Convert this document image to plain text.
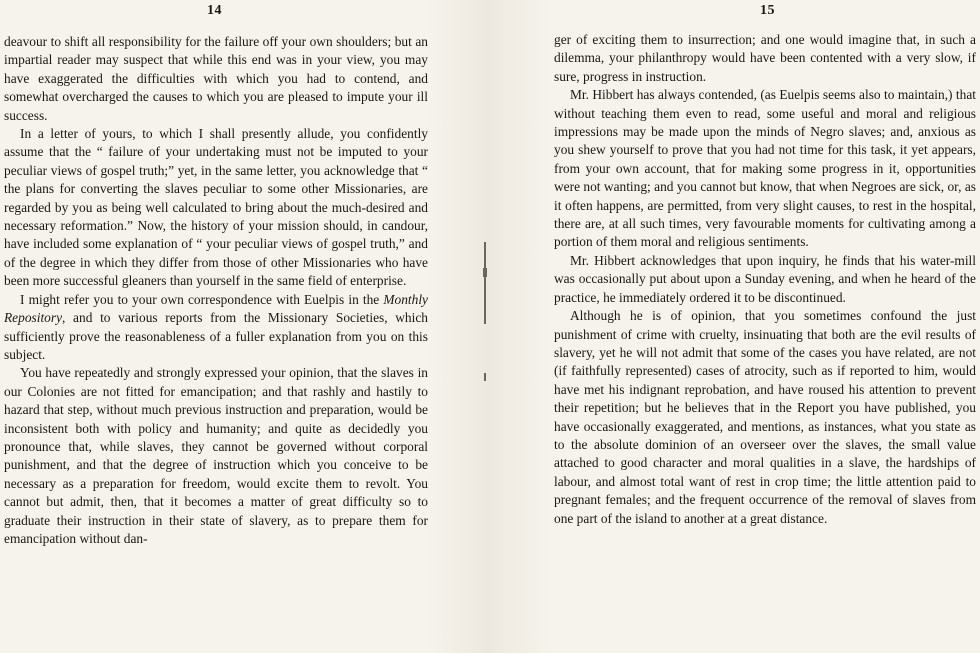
14

deavour to shift all responsibility for the failure off your own shoulders; but an impartial reader may suspect that while this end was in your view, you may have exaggerated the difficulties with which you had to contend, and somewhat overcharged the causes to which you are pleased to impute your ill success.

In a letter of yours, to which I shall presently allude, you confidently assume that the “ failure of your undertaking must not be imputed to your peculiar views of gospel truth;” yet, in the same letter, you acknowledge that “ the plans for converting the slaves peculiar to some other Missionaries, are regarded by you as being well calculated to bring about the much-desired and necessary reformation.” Now, the history of your mission should, in candour, have included some explanation of “ your peculiar views of gospel truth,” and of the degree in which they differ from those of other Missionaries who have been more successful gleaners than yourself in the same field of enterprise.

I might refer you to your own correspondence with Euelpis in the Monthly Repository, and to various reports from the Missionary Societies, which sufficiently prove the reasonableness of a fuller explanation from you on this subject.

You have repeatedly and strongly expressed your opinion, that the slaves in our Colonies are not fitted for emancipation; and that rashly and hastily to hazard that step, without much previous instruction and preparation, would be inconsistent both with policy and humanity; and quite as decidedly you pronounce that, while slaves, they cannot be governed without corporal punishment, and that the degree of instruction which you conceive to be necessary as a preparation for freedom, would excite them to revolt. You cannot but admit, then, that it becomes a matter of great difficulty so to graduate their instruction in their state of slavery, as to prepare them for emancipation without dan-

15

ger of exciting them to insurrection; and one would imagine that, in such a dilemma, your philanthropy would have been contented with a very slow, if sure, progress in instruction.

Mr. Hibbert has always contended, (as Euelpis seems also to maintain,) that without teaching them even to read, some useful and moral and religious impressions may be made upon the minds of Negro slaves; and, anxious as you shew yourself to prove that you had not time for this task, it yet appears, from your own account, that for making some progress in it, opportunities were not wanting; and you cannot but know, that when Negroes are sick, or, as it often happens, are permitted, from very slight causes, to rest in the hospital, there are, at all such times, very favourable moments for cultivating among a portion of them moral and religious sentiments.

Mr. Hibbert acknowledges that upon inquiry, he finds that his water-mill was occasionally put about upon a Sunday evening, and when he heard of the practice, he immediately ordered it to be discontinued.

Although he is of opinion, that you sometimes confound the just punishment of crime with cruelty, insinuating that both are the evil results of slavery, yet he will not admit that some of the cases you have related, are not (if faithfully represented) cases of atrocity, such as if reported to him, would have met his indignant reprobation, and have roused his attention to prevent their repetition; but he believes that in the Report you have published, you have occasionally exaggerated, and mentions, as instances, what you state as to the absolute dominion of an overseer over the slaves, the small value attached to good character and moral qualities in a slave, the hardships of labour, and almost total want of rest in crop time; the little attention paid to pregnant females; and the frequent occurrence of the removal of slaves from one part of the island to another at a great distance.
